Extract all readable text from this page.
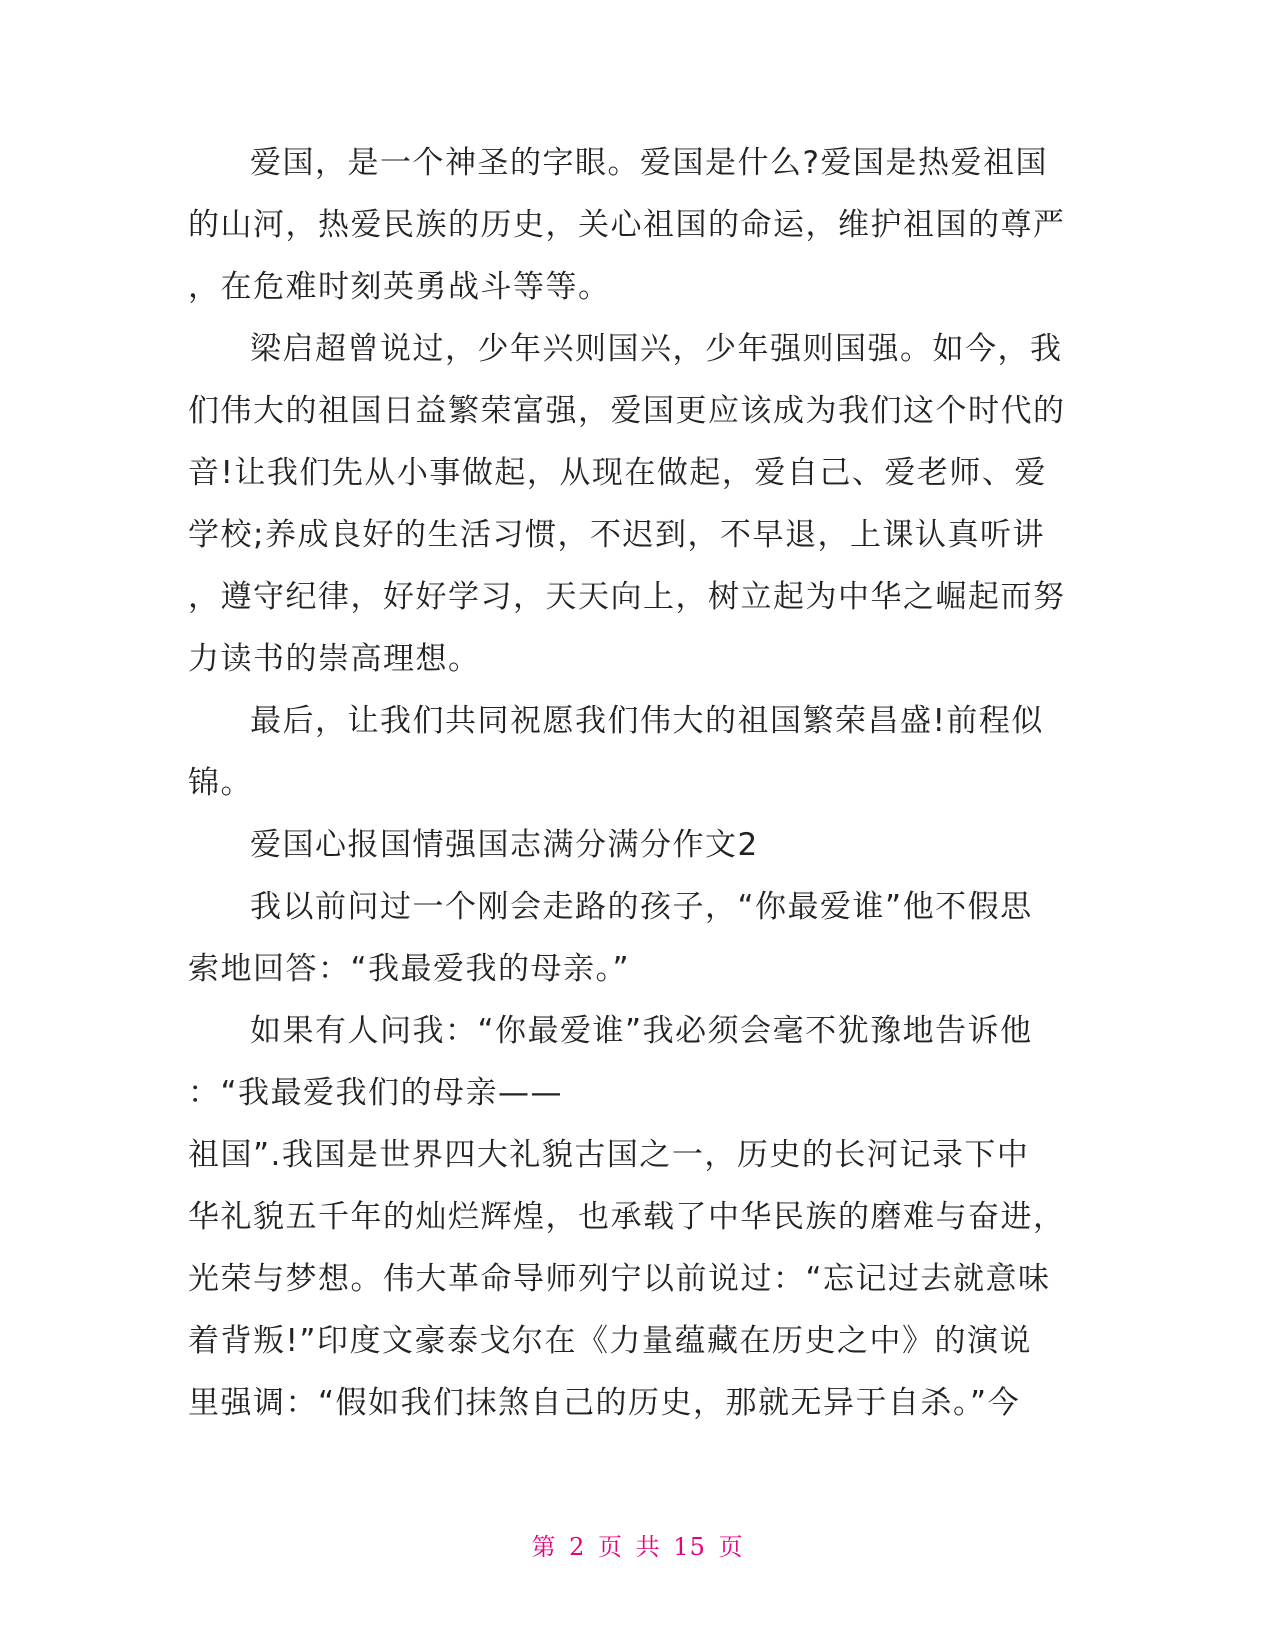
爱国，是一个神圣的字眼。爱国是什么?爱国是热爱祖国
的山河，热爱民族的历史，关心祖国的命运，维护祖国的尊严
，在危难时刻英勇战斗等等。
梁启超曾说过，少年兴则国兴，少年强则国强。如今，我
们伟大的祖国日益繁荣富强，爱国更应该成为我们这个时代的
音!让我们先从小事做起，从现在做起，爱自己、爱老师、爱
学校;养成良好的生活习惯，不迟到，不早退，上课认真听讲
，遵守纪律，好好学习，天天向上，树立起为中华之崛起而努
力读书的崇高理想。
最后，让我们共同祝愿我们伟大的祖国繁荣昌盛!前程似
锦。
爱国心报国情强国志满分满分作文2
我以前问过一个刚会走路的孩子，“你最爱谁”他不假思
索地回答：“我最爱我的母亲。”
如果有人问我：“你最爱谁”我必须会毫不犹豫地告诉他
：“我最爱我们的母亲——
祖国”.我国是世界四大礼貌古国之一，历史的长河记录下中
华礼貌五千年的灿烂辉煌，也承载了中华民族的磨难与奋进，
光荣与梦想。伟大革命导师列宁以前说过：“忘记过去就意味
着背叛!”印度文豪泰戈尔在《力量蕴藏在历史之中》的演说
里强调：“假如我们抹煞自己的历史，那就无异于自杀。”今
第 2 页 共 15 页
